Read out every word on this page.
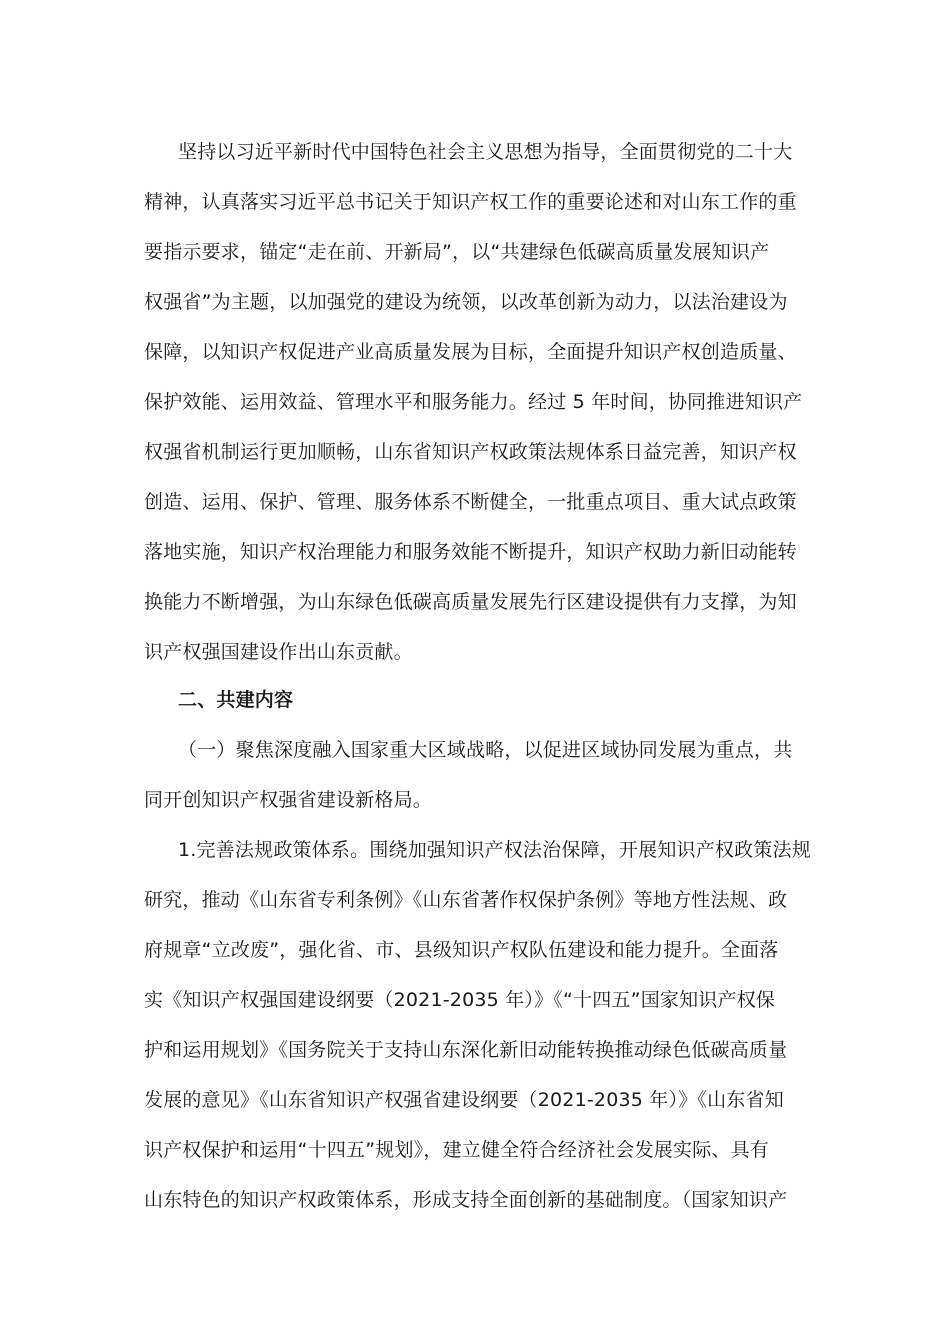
坚持以习近平新时代中国特色社会主义思想为指导，全面贯彻党的二十大
精神，认真落实习近平总书记关于知识产权工作的重要论述和对山东工作的重
要指示要求，锚定“走在前、开新局”，以“共建绿色低碳高质量发展知识产
权强省”为主题，以加强党的建设为统领，以改革创新为动力，以法治建设为
保障，以知识产权促进产业高质量发展为目标，全面提升知识产权创造质量、
保护效能、运用效益、管理水平和服务能力。经过 5 年时间，协同推进知识产
权强省机制运行更加顺畅，山东省知识产权政策法规体系日益完善，知识产权
创造、运用、保护、管理、服务体系不断健全，一批重点项目、重大试点政策
落地实施，知识产权治理能力和服务效能不断提升，知识产权助力新旧动能转
换能力不断增强，为山东绿色低碳高质量发展先行区建设提供有力支撑，为知
识产权强国建设作出山东贡献。
二、共建内容
（一）聚焦深度融入国家重大区域战略，以促进区域协同发展为重点，共
同开创知识产权强省建设新格局。
1.完善法规政策体系。围绕加强知识产权法治保障，开展知识产权政策法规
研究，推动《山东省专利条例》《山东省著作权保护条例》等地方性法规、政
府规章“立改废”，强化省、市、县级知识产权队伍建设和能力提升。全面落
实《知识产权强国建设纲要（2021-2035 年）》《“十四五”国家知识产权保
护和运用规划》《国务院关于支持山东深化新旧动能转换推动绿色低碳高质量
发展的意见》《山东省知识产权强省建设纲要（2021-2035 年）》《山东省知
识产权保护和运用“十四五”规划》，建立健全符合经济社会发展实际、具有
山东特色的知识产权政策体系，形成支持全面创新的基础制度。（国家知识产
